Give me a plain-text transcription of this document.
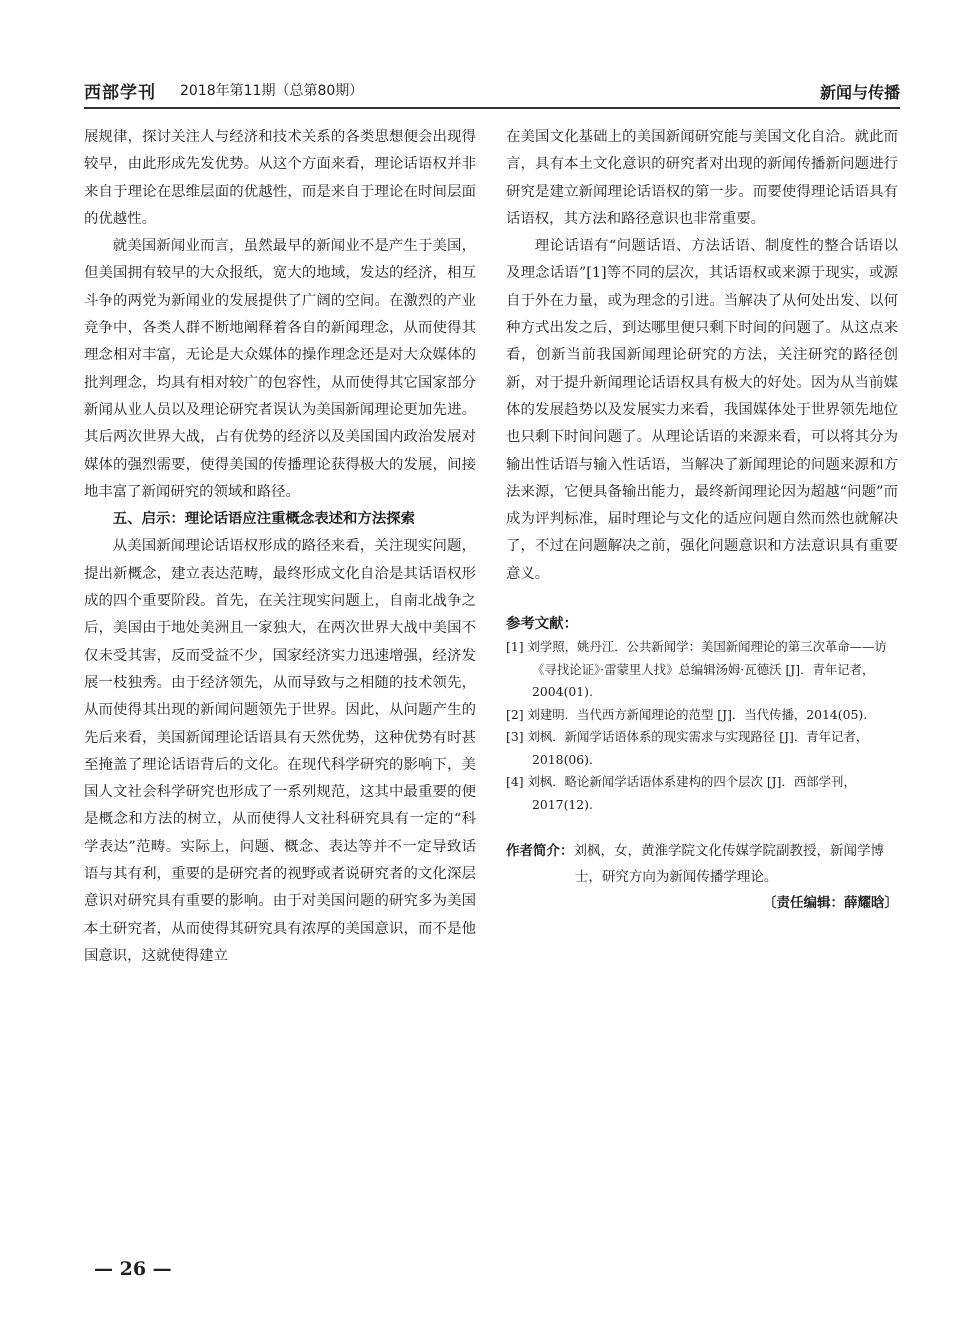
西部学刊 2018年第11期（总第80期）	新闻与传播

展规律，探讨关注人与经济和技术关系的各类思想便会出现得较早，由此形成先发优势。从这个方面来看，理论话语权并非来自于理论在思维层面的优越性，而是来自于理论在时间层面的优越性。

就美国新闻业而言，虽然最早的新闻业不是产生于美国，但美国拥有较早的大众报纸，宽大的地域，发达的经济，相互斗争的两党为新闻业的发展提供了广阔的空间。在激烈的产业竞争中，各类人群不断地阐释着各自的新闻理念，从而使得其理念相对丰富，无论是大众媒体的操作理念还是对大众媒体的批判理念，均具有相对较广的包容性，从而使得其它国家部分新闻从业人员以及理论研究者误认为美国新闻理论更加先进。其后两次世界大战，占有优势的经济以及美国国内政治发展对媒体的强烈需要，使得美国的传播理论获得极大的发展，间接地丰富了新闻研究的领域和路径。

五、启示：理论话语应注重概念表述和方法探索

从美国新闻理论话语权形成的路径来看，关注现实问题，提出新概念，建立表达范畴，最终形成文化自洽是其话语权形成的四个重要阶段。首先，在关注现实问题上，自南北战争之后，美国由于地处美洲且一家独大，在两次世界大战中美国不仅未受其害，反而受益不少，国家经济实力迅速增强，经济发展一枝独秀。由于经济领先，从而导致与之相随的技术领先，从而使得其出现的新闻问题领先于世界。因此，从问题产生的先后来看，美国新闻理论话语具有天然优势，这种优势有时甚至掩盖了理论话语背后的文化。在现代科学研究的影响下，美国人文社会科学研究也形成了一系列规范，这其中最重要的便是概念和方法的树立，从而使得人文社科研究具有一定的“科学表达”范畴。实际上，问题、概念、表达等并不一定导致话语与其有利，重要的是研究者的视野或者说研究者的文化深层意识对研究具有重要的影响。由于对美国问题的研究多为美国本土研究者，从而使得其研究具有浓厚的美国意识，而不是他国意识，这就使得建立

在美国文化基础上的美国新闻研究能与美国文化自洽。就此而言，具有本土文化意识的研究者对出现的新闻传播新问题进行研究是建立新闻理论话语权的第一步。而要使得理论话语具有话语权，其方法和路径意识也非常重要。

理论话语有“问题话语、方法话语、制度性的整合话语以及理念话语”[1]等不同的层次，其话语权或来源于现实，或源自于外在力量，或为理念的引进。当解决了从何处出发、以何种方式出发之后，到达哪里便只剩下时间的问题了。从这点来看，创新当前我国新闻理论研究的方法，关注研究的路径创新，对于提升新闻理论话语权具有极大的好处。因为从当前媒体的发展趋势以及发展实力来看，我国媒体处于世界领先地位也只剩下时间问题了。从理论话语的来源来看，可以将其分为输出性话语与输入性话语，当解决了新闻理论的问题来源和方法来源，它便具备输出能力，最终新闻理论因为超越“问题”而成为评判标准，届时理论与文化的适应问题自然而然也就解决了，不过在问题解决之前，强化问题意识和方法意识具有重要意义。

参考文献：
[1] 刘学照，姚丹江．公共新闻学：美国新闻理论的第三次革命——访《寻找论证》·雷蒙里人找》总编辑汤姆·瓦德沃 [J]．青年记者，2004(01).
[2] 刘建明．当代西方新闻理论的范型 [J]．当代传播，2014(05).
[3] 刘枫．新闻学话语体系的现实需求与实现路径 [J]．青年记者，2018(06).
[4] 刘枫．略论新闻学话语体系建构的四个层次 [J]．西部学刊，2017(12).
作者简介：刘枫，女，黄淮学院文化传媒学院副教授，新闻学博士，研究方向为新闻传播学理论。
〔责任编辑：薛耀晗〕
— 26 —
